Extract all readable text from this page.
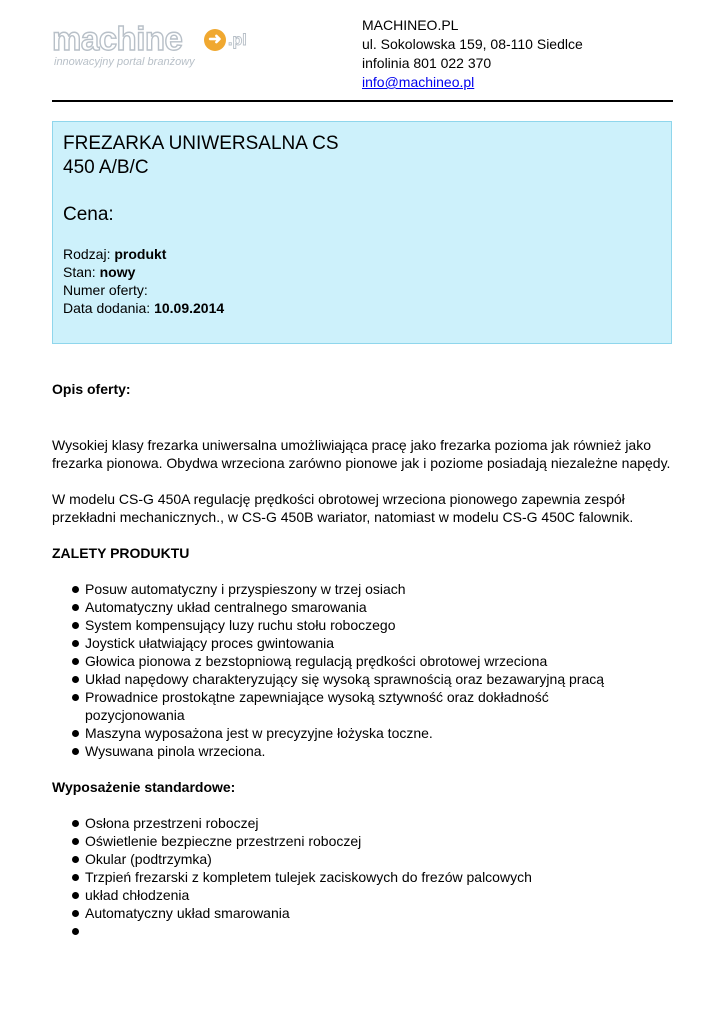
machine ➜ .pl
innowacyjny portal branżowy
MACHINEO.PL
ul. Sokolowska 159, 08-110 Siedlce
infolinia 801 022 370
info@machineo.pl
FREZARKA UNIWERSALNA CS 450 A/B/C
Cena:
Rodzaj: produkt
Stan: nowy
Numer oferty:
Data dodania: 10.09.2014
Opis oferty:

Wysokiej klasy frezarka uniwersalna umożliwiająca pracę jako frezarka pozioma jak również jako frezarka pionowa. Obydwa wrzeciona zarówno pionowe jak i poziome posiadają niezależne napędy.

W modelu CS-G 450A regulację prędkości obrotowej wrzeciona pionowego zapewnia zespół przekładni mechanicznych., w CS-G 450B wariator, natomiast w modelu CS-G 450C falownik.

ZALETY PRODUKTU
Posuw automatyczny i przyspieszony w trzej osiach
Automatyczny układ centralnego smarowania
System kompensujący luzy ruchu stołu roboczego
Joystick ułatwiający proces gwintowania
Głowica pionowa z bezstopniową regulacją prędkości obrotowej wrzeciona
Układ napędowy charakteryzujący się wysoką sprawnością oraz bezawaryjną pracą
Prowadnice prostokątne zapewniające wysoką sztywność oraz dokładność pozycjonowania
Maszyna wyposażona jest w precyzyjne łożyska toczne.
Wysuwana pinola wrzeciona.
Wyposażenie standardowe:
Osłona przestrzeni roboczej
Oświetlenie bezpieczne przestrzeni roboczej
Okular (podtrzymka)
Trzpień frezarski z kompletem tulejek zaciskowych do frezów palcowych
układ chłodzenia
Automatyczny układ smarowania
